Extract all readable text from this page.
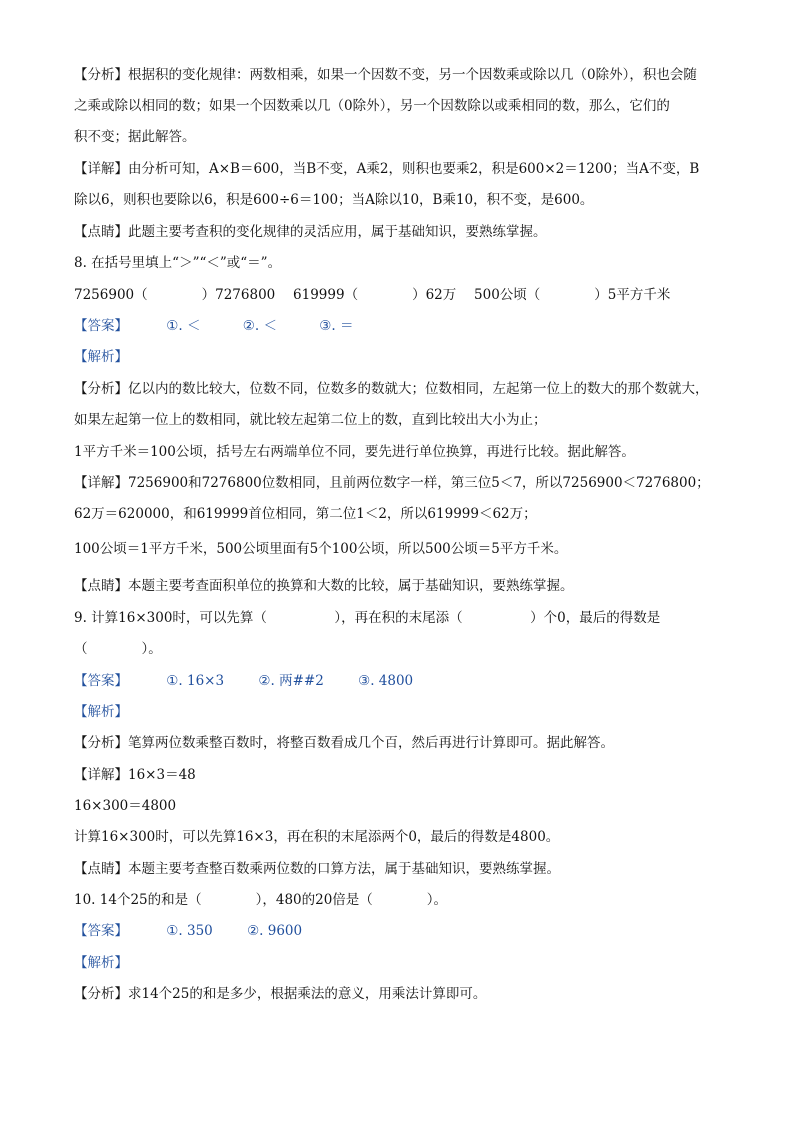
【分析】根据积的变化规律：两数相乘，如果一个因数不变，另一个因数乘或除以几（0除外），积也会随
之乘或除以相同的数；如果一个因数乘以几（0除外），另一个因数除以或乘相同的数，那么，它们的
积不变；据此解答。
【详解】由分析可知，A×B＝600，当B不变，A乘2，则积也要乘2，积是600×2＝1200；当A不变，B
除以6，则积也要除以6，积是600÷6＝100；当A除以10，B乘10，积不变，是600。
【点睛】此题主要考查积的变化规律的灵活应用，属于基础知识，要熟练掌握。
8. 在括号里填上“＞”“＜”或“＝”。
7256900（　　　　）7276800　 619999（　　　　）62万　 500公顷（　　　　）5平方千米
【答案】	①. ＜	②. ＜	③. ＝
【解析】
【分析】亿以内的数比较大，位数不同，位数多的数就大；位数相同，左起第一位上的数大的那个数就大，
如果左起第一位上的数相同，就比较左起第二位上的数，直到比较出大小为止；
1平方千米＝100公顷，括号左右两端单位不同，要先进行单位换算，再进行比较。据此解答。
【详解】7256900和7276800位数相同，且前两位数字一样，第三位5＜7，所以7256900＜7276800；
62万＝620000，和619999首位相同，第二位1＜2，所以619999＜62万；
100公顷＝1平方千米，500公顷里面有5个100公顷，所以500公顷＝5平方千米。
【点睛】本题主要考查面积单位的换算和大数的比较，属于基础知识，要熟练掌握。
9. 计算16×300时，可以先算（　　　　　），再在积的末尾添（　　　　　）个0，最后的得数是
（　　　　）。
【答案】	①. 16×3	②. 两##2	③. 4800
【解析】
【分析】笔算两位数乘整百数时，将整百数看成几个百，然后再进行计算即可。据此解答。
【详解】16×3＝48
16×300＝4800
计算16×300时，可以先算16×3，再在积的末尾添两个0，最后的得数是4800。
【点睛】本题主要考查整百数乘两位数的口算方法，属于基础知识，要熟练掌握。
10. 14个25的和是（　　　　），480的20倍是（　　　　）。
【答案】	①. 350	②. 9600
【解析】
【分析】求14个25的和是多少，根据乘法的意义，用乘法计算即可。
